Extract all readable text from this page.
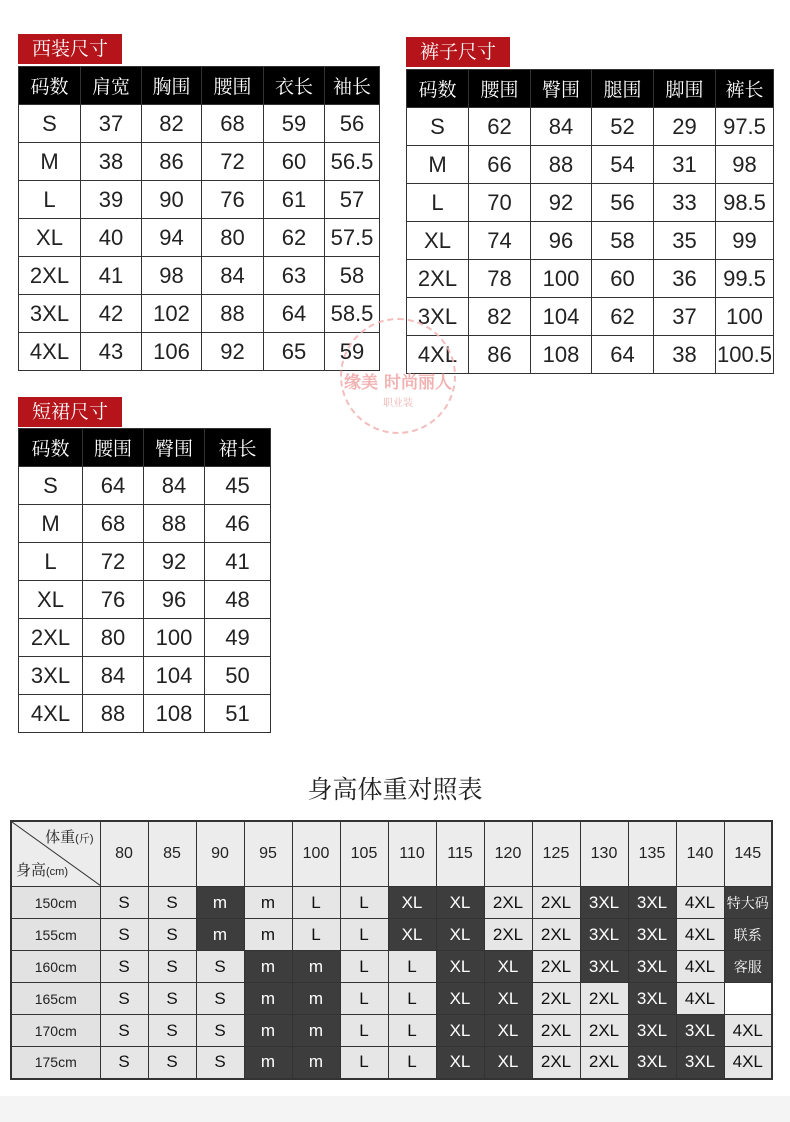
西装尺寸
码数	肩宽	胸围	腰围	衣长	袖长
S	37	82	68	59	56
M	38	86	72	60	56.5
L	39	90	76	61	57
XL	40	94	80	62	57.5
2XL	41	98	84	63	58
3XL	42	102	88	64	58.5
4XL	43	106	92	65	59
裤子尺寸
码数	腰围	臀围	腿围	脚围	裤长
S	62	84	52	29	97.5
M	66	88	54	31	98
L	70	92	56	33	98.5
XL	74	96	58	35	99
2XL	78	100	60	36	99.5
3XL	82	104	62	37	100
4XL	86	108	64	38	100.5
缘美 时尚丽人
职业装
短裙尺寸
码数	腰围	臀围	裙长
S	64	84	45
M	68	88	46
L	72	92	41
XL	76	96	48
2XL	80	100	49
3XL	84	104	50
4XL	88	108	51
身高体重对照表
体重(斤)
身高(cm)	80	85	90	95	100	105	110	115	120	125	130	135	140	145
150cm	S	S	m	m	L	L	XL	XL	2XL	2XL	3XL	3XL	4XL	特大码
155cm	S	S	m	m	L	L	XL	XL	2XL	2XL	3XL	3XL	4XL	联系
160cm	S	S	S	m	m	L	L	XL	XL	2XL	3XL	3XL	4XL	客服
165cm	S	S	S	m	m	L	L	XL	XL	2XL	2XL	3XL	4XL	
170cm	S	S	S	m	m	L	L	XL	XL	2XL	2XL	3XL	3XL	4XL
175cm	S	S	S	m	m	L	L	XL	XL	2XL	2XL	3XL	3XL	4XL
